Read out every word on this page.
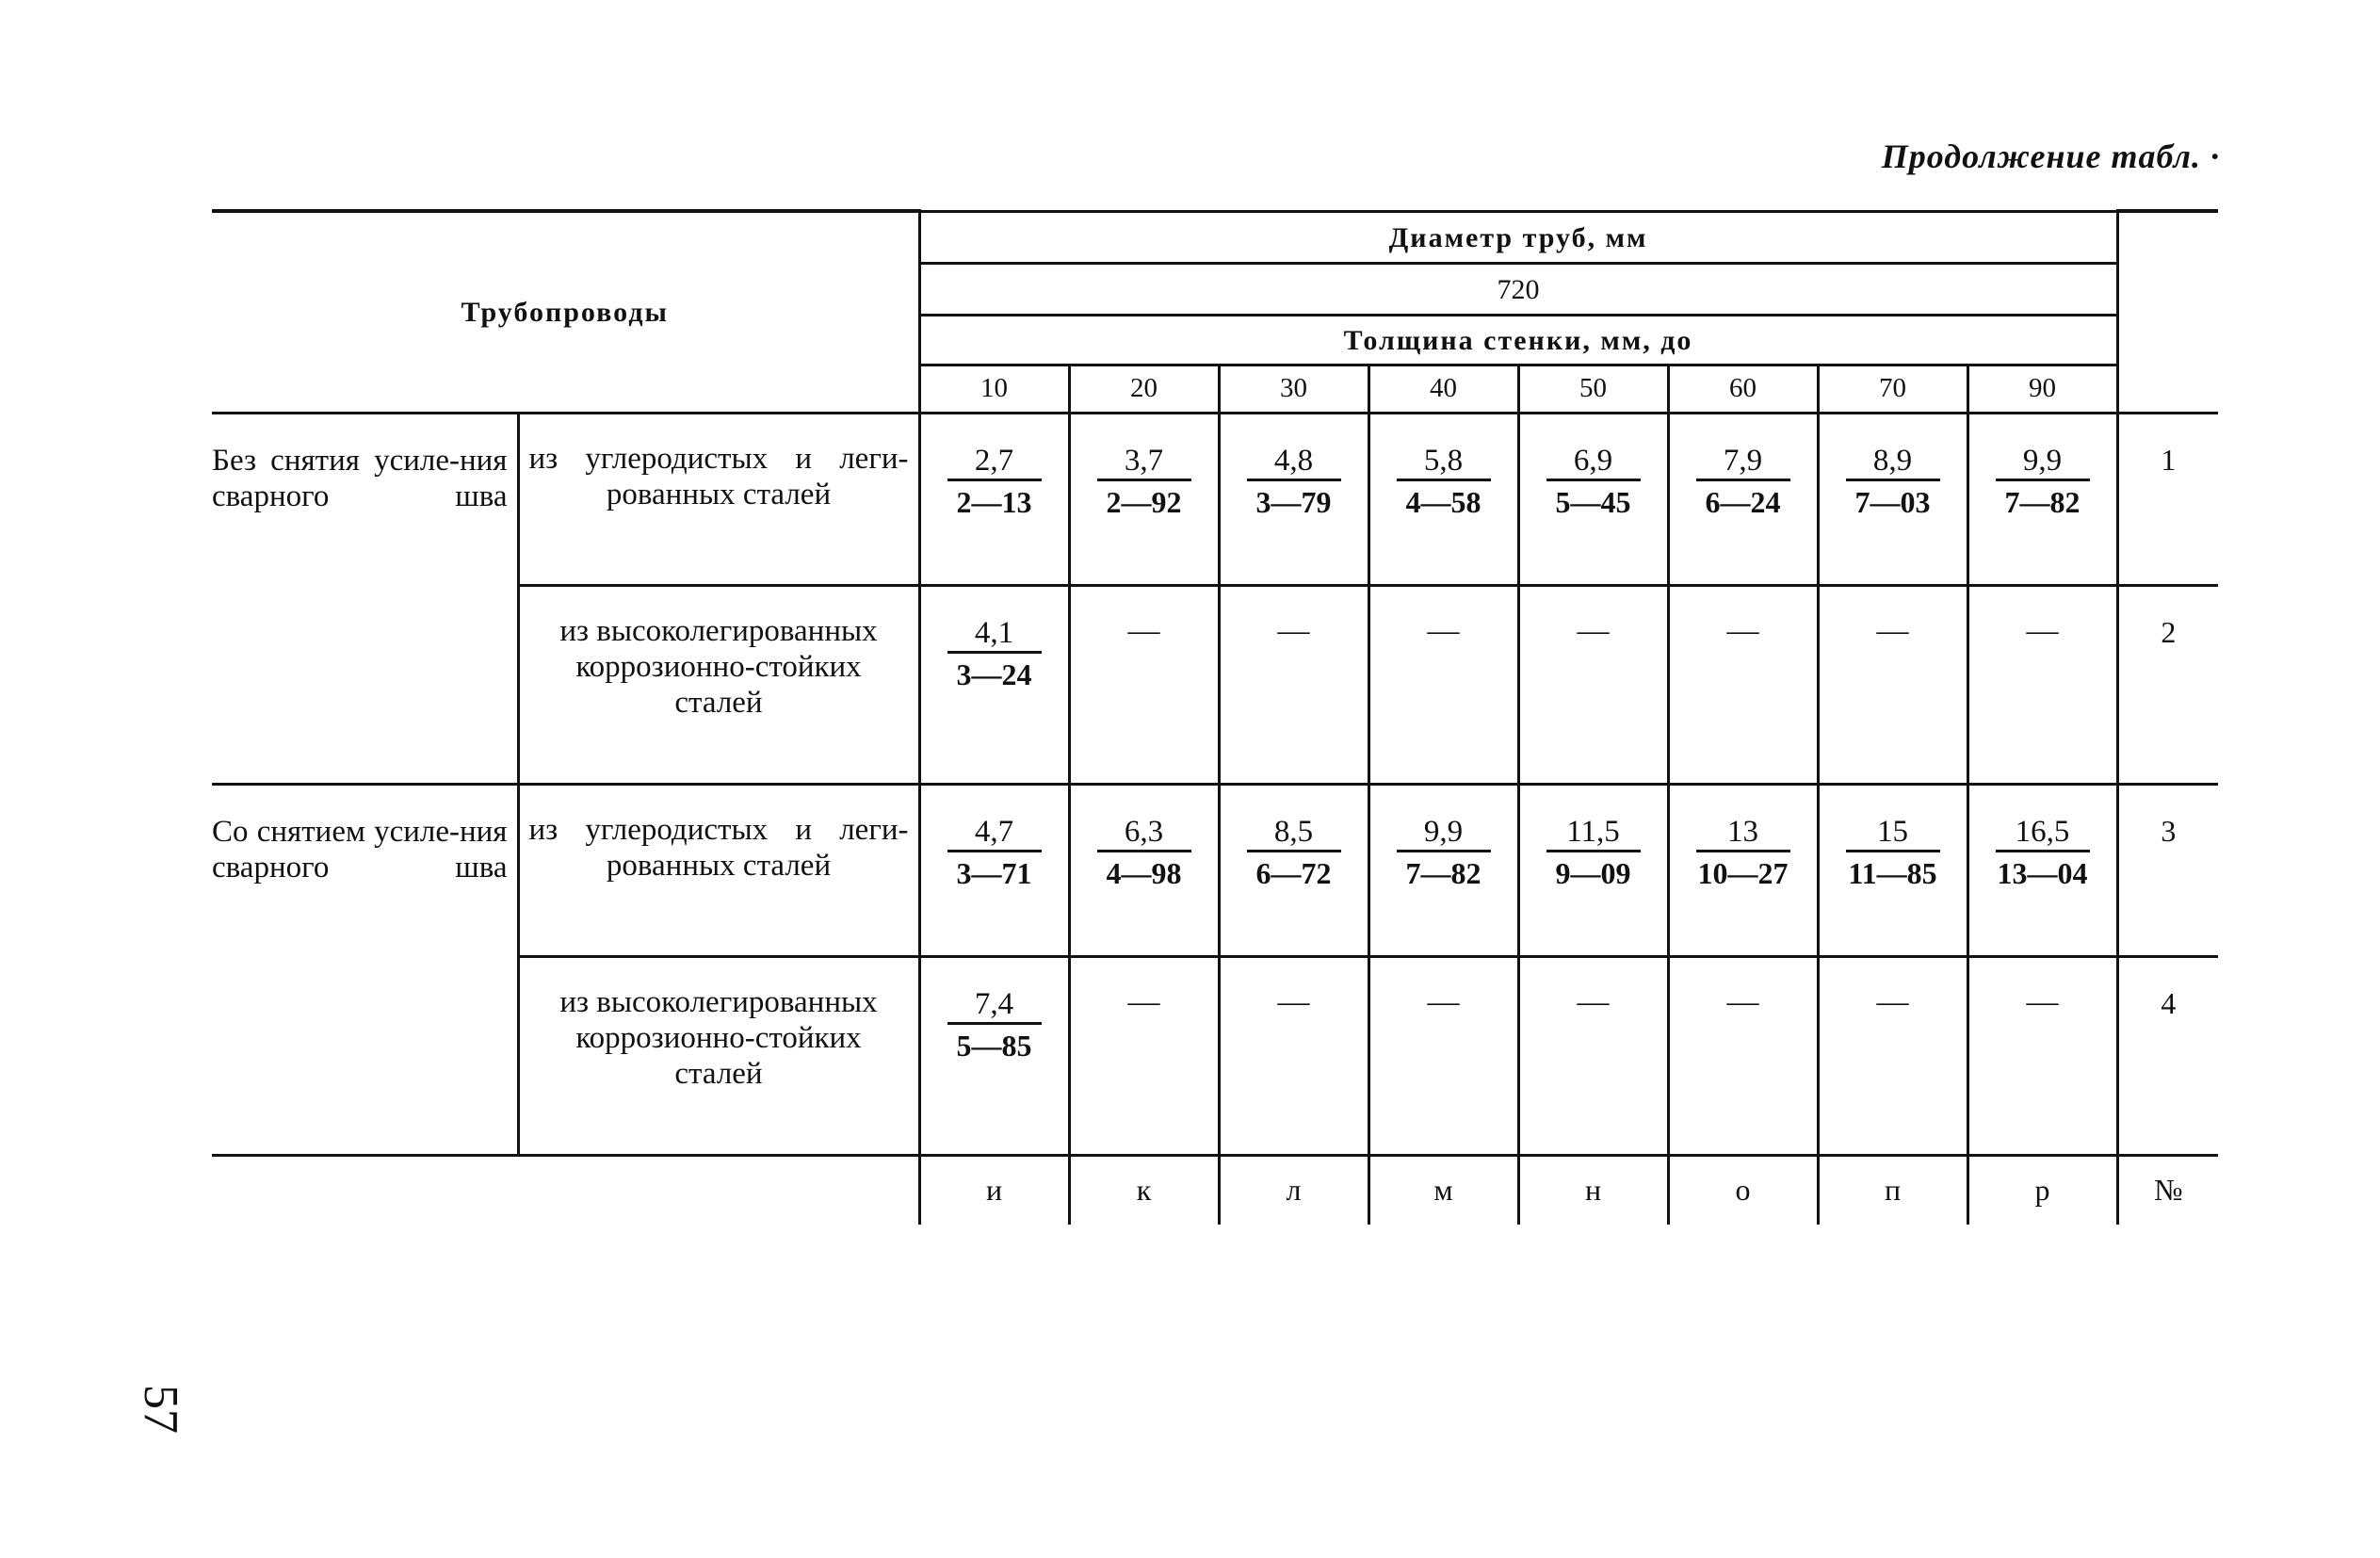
Продолжение табл. ·
Трубопроводы		Диаметр труб, мм								
		720								
		Толщина стенки, мм, до								
		10	20	30	40	50	60	70	90	
Без снятия усиле-ния сварного шва	из углеродистых и леги-рованных сталей	$\frac{2,7}{2—13}$	$\frac{3,7}{2—92}$	$\frac{4,8}{3—79}$	$\frac{5,8}{4—58}$	$\frac{6,9}{5—45}$	$\frac{7,9}{6—24}$	$\frac{8,9}{7—03}$	$\frac{9,9}{7—82}$	1
	из высоколегированных коррозионно-стойких сталей	$\frac{4,1}{3—24}$	—	—	—	—	—	—	—	2
Со снятием усиле-ния сварного шва	из углеродистых и леги-рованных сталей	$\frac{4,7}{3—71}$	$\frac{6,3}{4—98}$	$\frac{8,5}{6—72}$	$\frac{9,9}{7—82}$	$\frac{11,5}{9—09}$	$\frac{13}{10—27}$	$\frac{15}{11—85}$	$\frac{16,5}{13—04}$	3
	из высоколегированных коррозионно-стойких сталей	$\frac{7,4}{5—85}$	—	—	—	—	—	—	—	4
		и	к	л	м	н	о	п	р	№
57
